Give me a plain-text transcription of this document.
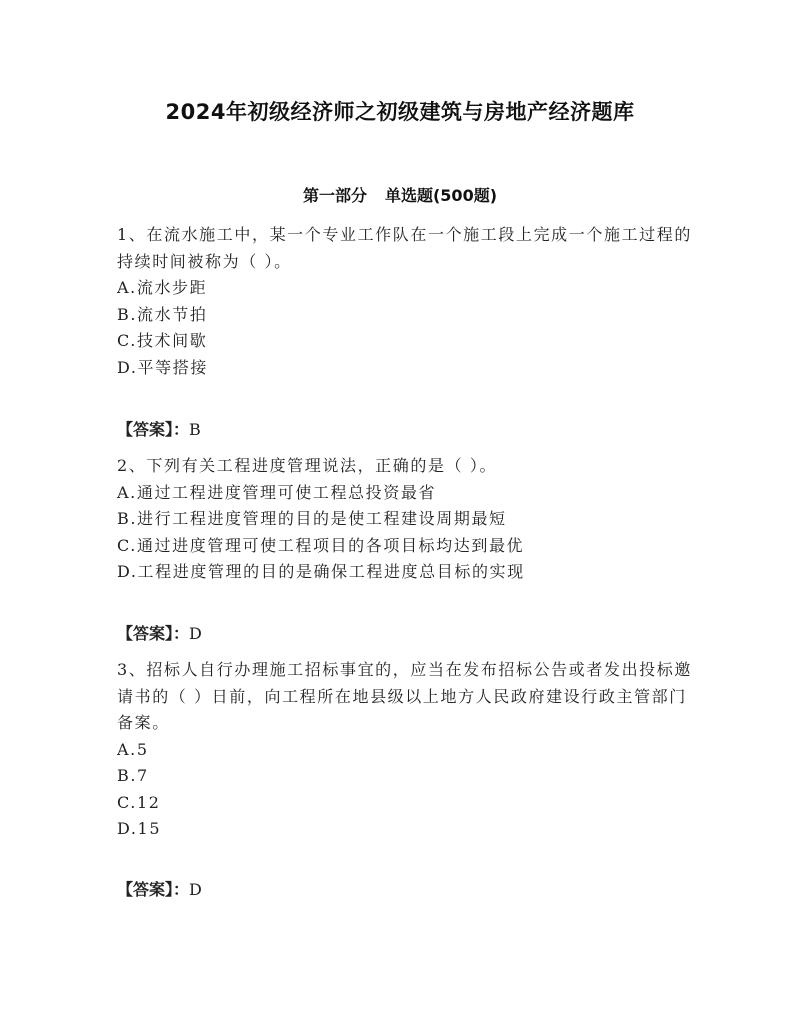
2024年初级经济师之初级建筑与房地产经济题库
第一部分 单选题(500题)
1、在流水施工中，某一个专业工作队在一个施工段上完成一个施工过程的持续时间被称为（ ）。
A.流水步距
B.流水节拍
C.技术间歇
D.平等搭接
【答案】：B
2、下列有关工程进度管理说法，正确的是（ ）。
A.通过工程进度管理可使工程总投资最省
B.进行工程进度管理的目的是使工程建设周期最短
C.通过进度管理可使工程项目的各项目标均达到最优
D.工程进度管理的目的是确保工程进度总目标的实现
【答案】：D
3、招标人自行办理施工招标事宜的，应当在发布招标公告或者发出投标邀请书的（ ）日前，向工程所在地县级以上地方人民政府建设行政主管部门备案。
A.5
B.7
C.12
D.15
【答案】：D
